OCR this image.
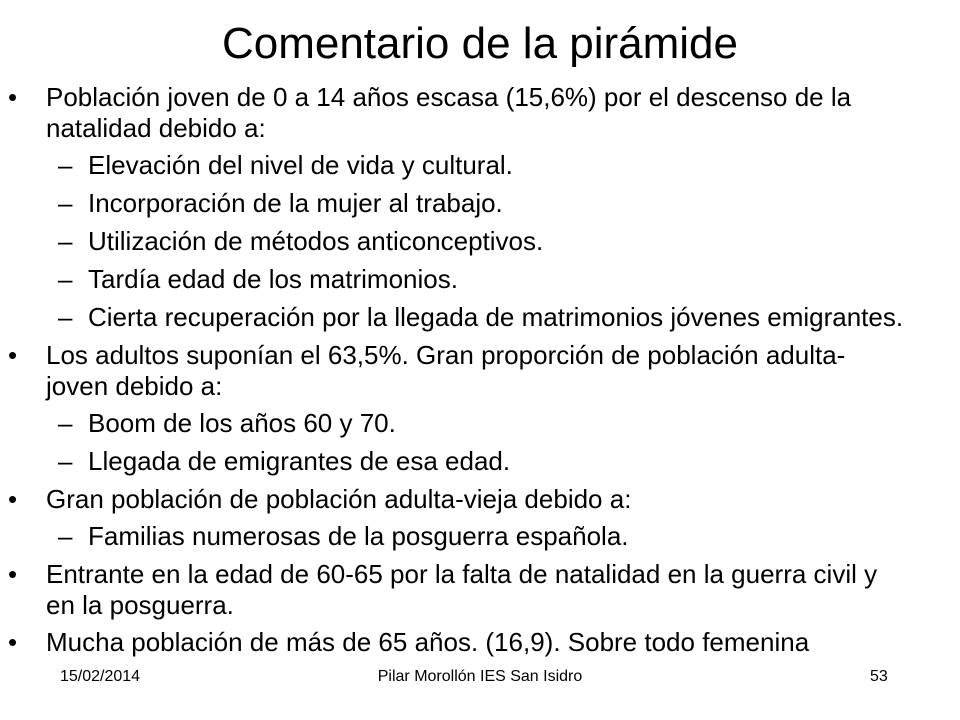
Comentario de la pirámide
•	Población joven de 0 a 14 años escasa (15,6%) por el descenso de la natalidad debido a:
– Elevación del nivel de vida y cultural.
– Incorporación de la mujer al trabajo.
– Utilización de métodos anticonceptivos.
– Tardía edad de los matrimonios.
– Cierta recuperación por la llegada de matrimonios jóvenes emigrantes.
•	Los adultos suponían el 63,5%. Gran proporción de población adulta-joven debido a:
– Boom de los años 60 y 70.
– Llegada de emigrantes de esa edad.
•	Gran población de población adulta-vieja debido a:
– Familias numerosas de la posguerra española.
•	Entrante en la edad de 60-65 por la falta de natalidad en la guerra civil y en la posguerra.
•	Mucha población de más de 65 años. (16,9). Sobre todo femenina
15/02/2014	Pilar Morollón IES San Isidro	53
